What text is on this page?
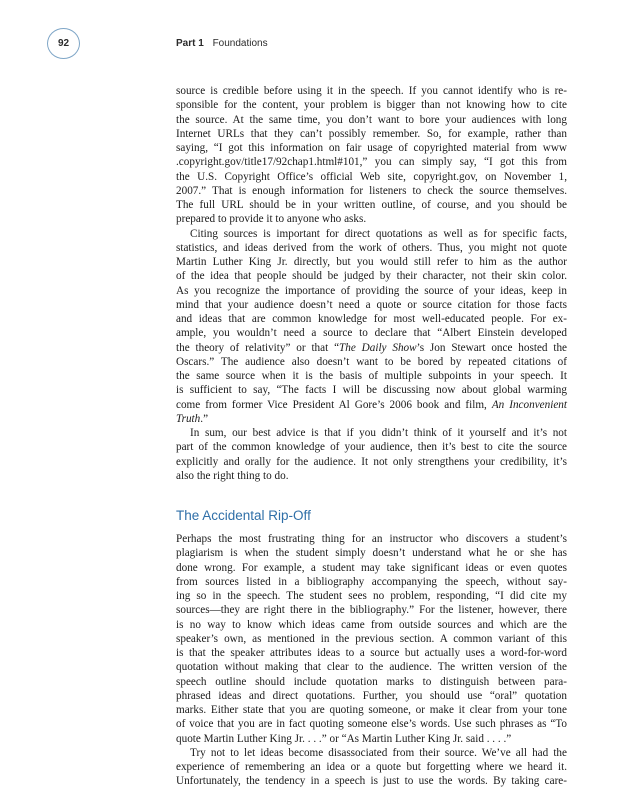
92	Part 1 Foundations
source is credible before using it in the speech. If you cannot identify who is re-
sponsible for the content, your problem is bigger than not knowing how to cite
the source. At the same time, you don’t want to bore your audiences with long
Internet URLs that they can’t possibly remember. So, for example, rather than
saying, “I got this information on fair usage of copyrighted material from www
.copyright.gov/title17/92chap1.html#101,” you can simply say, “I got this from
the U.S. Copyright Office’s official Web site, copyright.gov, on November 1,
2007.” That is enough information for listeners to check the source themselves.
The full URL should be in your written outline, of course, and you should be
prepared to provide it to anyone who asks.
Citing sources is important for direct quotations as well as for specific facts,
statistics, and ideas derived from the work of others. Thus, you might not quote
Martin Luther King Jr. directly, but you would still refer to him as the author
of the idea that people should be judged by their character, not their skin color.
As you recognize the importance of providing the source of your ideas, keep in
mind that your audience doesn’t need a quote or source citation for those facts
and ideas that are common knowledge for most well-educated people. For ex-
ample, you wouldn’t need a source to declare that “Albert Einstein developed
the theory of relativity” or that “The Daily Show’s Jon Stewart once hosted the
Oscars.” The audience also doesn’t want to be bored by repeated citations of
the same source when it is the basis of multiple subpoints in your speech. It
is sufficient to say, “The facts I will be discussing now about global warming
come from former Vice President Al Gore’s 2006 book and film, An Inconvenient
Truth.”
In sum, our best advice is that if you didn’t think of it yourself and it’s not
part of the common knowledge of your audience, then it’s best to cite the source
explicitly and orally for the audience. It not only strengthens your credibility, it’s
also the right thing to do.
The Accidental Rip-Off
Perhaps the most frustrating thing for an instructor who discovers a student’s
plagiarism is when the student simply doesn’t understand what he or she has
done wrong. For example, a student may take significant ideas or even quotes
from sources listed in a bibliography accompanying the speech, without say-
ing so in the speech. The student sees no problem, responding, “I did cite my
sources—they are right there in the bibliography.” For the listener, however, there
is no way to know which ideas came from outside sources and which are the
speaker’s own, as mentioned in the previous section. A common variant of this
is that the speaker attributes ideas to a source but actually uses a word-for-word
quotation without making that clear to the audience. The written version of the
speech outline should include quotation marks to distinguish between para-
phrased ideas and direct quotations. Further, you should use “oral” quotation
marks. Either state that you are quoting someone, or make it clear from your tone
of voice that you are in fact quoting someone else’s words. Use such phrases as “To
quote Martin Luther King Jr. . . .” or “As Martin Luther King Jr. said . . . .”
Try not to let ideas become disassociated from their source. We’ve all had the
experience of remembering an idea or a quote but forgetting where we heard it.
Unfortunately, the tendency in a speech is just to use the words. By taking care-
